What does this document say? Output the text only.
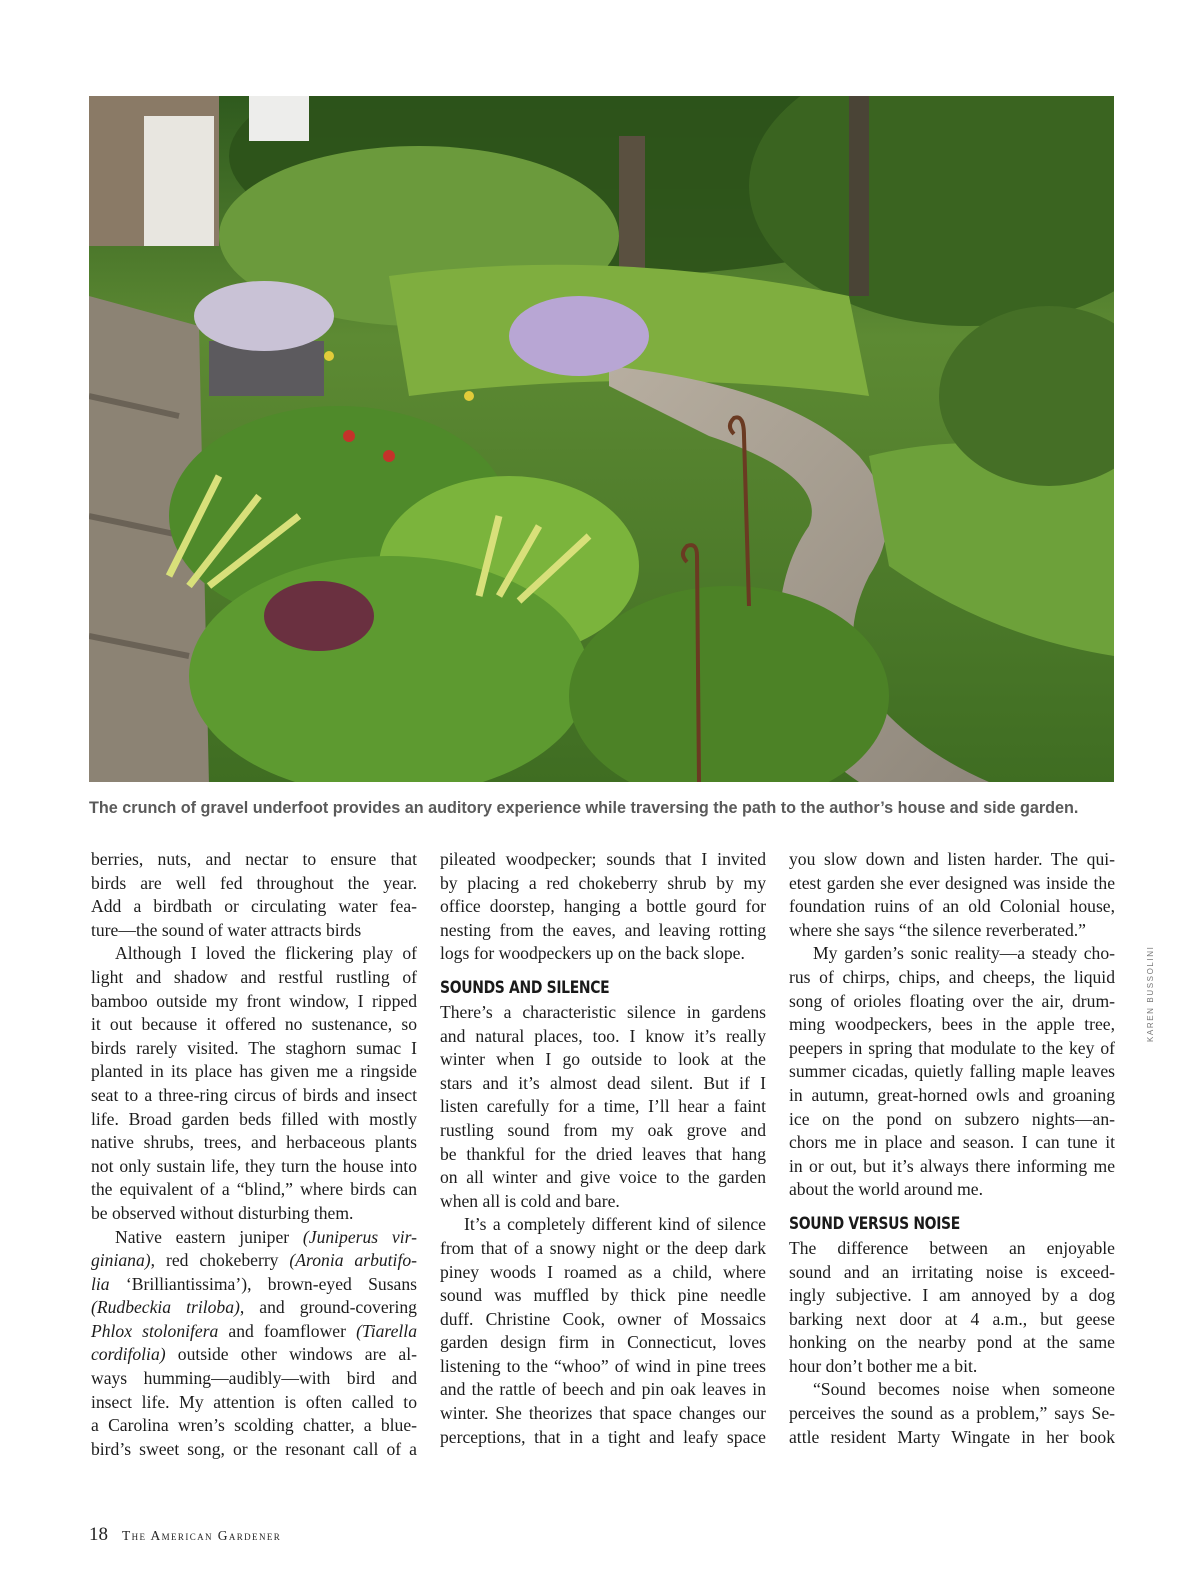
The crunch of gravel underfoot provides an auditory experience while traversing the path to the author’s house and side garden.
berries, nuts, and nectar to ensure that
birds are well fed throughout the year.
Add a birdbath or circulating water fea-
ture—the sound of water attracts birds
Although I loved the flickering play of
light and shadow and restful rustling of
bamboo outside my front window, I ripped
it out because it offered no sustenance, so
birds rarely visited. The staghorn sumac I
planted in its place has given me a ringside
seat to a three-ring circus of birds and insect
life. Broad garden beds filled with mostly
native shrubs, trees, and herbaceous plants
not only sustain life, they turn the house into
the equivalent of a “blind,” where birds can
be observed without disturbing them.
Native eastern juniper (Juniperus vir-
giniana), red chokeberry (Aronia arbutifo-
lia ‘Brilliantissima’), brown-eyed Susans
(Rudbeckia triloba), and ground-covering
Phlox stolonifera and foamflower (Tiarella
cordifolia) outside other windows are al-
ways humming—audibly—with bird and
insect life. My attention is often called to
a Carolina wren’s scolding chatter, a blue-
bird’s sweet song, or the resonant call of a
pileated woodpecker; sounds that I invited
by placing a red chokeberry shrub by my
office doorstep, hanging a bottle gourd for
nesting from the eaves, and leaving rotting
logs for woodpeckers up on the back slope.
SOUNDS AND SILENCE
There’s a characteristic silence in gardens
and natural places, too. I know it’s really
winter when I go outside to look at the
stars and it’s almost dead silent. But if I
listen carefully for a time, I’ll hear a faint
rustling sound from my oak grove and
be thankful for the dried leaves that hang
on all winter and give voice to the garden
when all is cold and bare.
It’s a completely different kind of silence
from that of a snowy night or the deep dark
piney woods I roamed as a child, where
sound was muffled by thick pine needle
duff. Christine Cook, owner of Mossaics
garden design firm in Connecticut, loves
listening to the “whoo” of wind in pine trees
and the rattle of beech and pin oak leaves in
winter. She theorizes that space changes our
perceptions, that in a tight and leafy space
you slow down and listen harder. The qui-
etest garden she ever designed was inside the
foundation ruins of an old Colonial house,
where she says “the silence reverberated.”
My garden’s sonic reality—a steady cho-
rus of chirps, chips, and cheeps, the liquid
song of orioles floating over the air, drum-
ming woodpeckers, bees in the apple tree,
peepers in spring that modulate to the key of
summer cicadas, quietly falling maple leaves
in autumn, great-horned owls and groaning
ice on the pond on subzero nights—an-
chors me in place and season. I can tune it
in or out, but it’s always there informing me
about the world around me.
SOUND VERSUS NOISE
The difference between an enjoyable
sound and an irritating noise is exceed-
ingly subjective. I am annoyed by a dog
barking next door at 4 a.m., but geese
honking on the nearby pond at the same
hour don’t bother me a bit.
“Sound becomes noise when someone
perceives the sound as a problem,” says Se-
attle resident Marty Wingate in her book
KAREN BUSSOLINI
18 The American Gardener
